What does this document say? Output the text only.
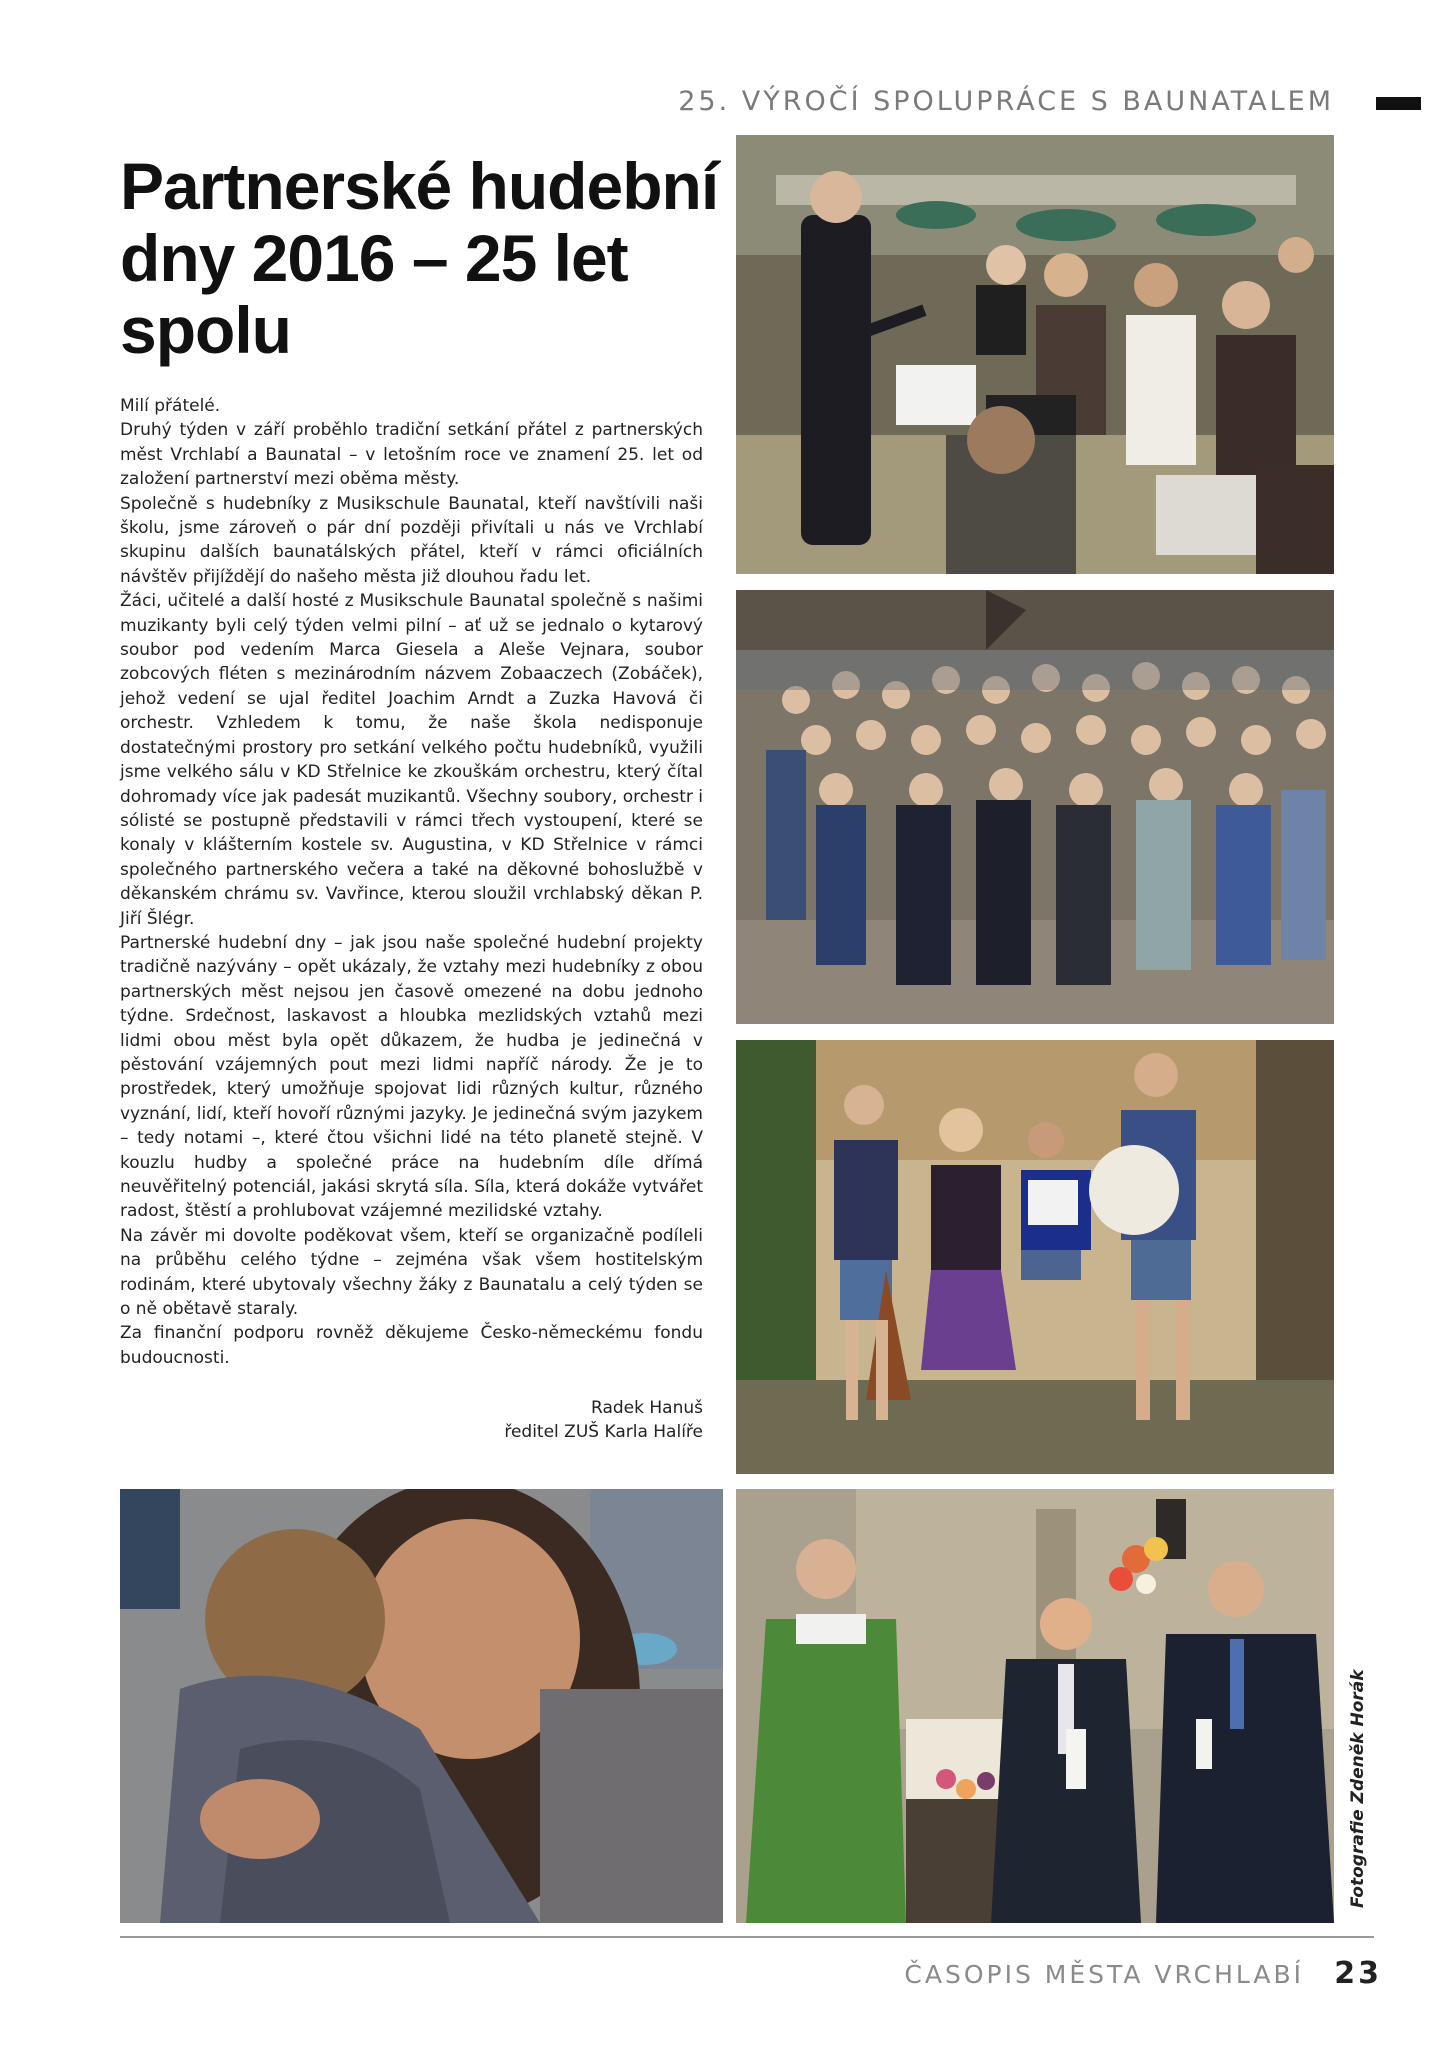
25. VÝROČÍ SPOLUPRÁCE S BAUNATALEM
Partnerské hudební dny 2016 – 25 let spolu

Milí přátelé.

Druhý týden v září proběhlo tradiční setkání přátel z partnerských měst Vrchlabí a Baunatal – v letošním roce ve znamení 25. let od založení partnerství mezi oběma městy.

Společně s hudebníky z Musikschule Baunatal, kteří navštívili naši školu, jsme zároveň o pár dní později přivítali u nás ve Vrchlabí skupinu dalších baunatálských přátel, kteří v rámci oficiálních návštěv přijíždějí do našeho města již dlouhou řadu let.

Žáci, učitelé a další hosté z Musikschule Baunatal společně s našimi muzikanty byli celý týden velmi pilní – ať už se jednalo o kytarový soubor pod vedením Marca Giesela a Aleše Vejnara, soubor zobcových fléten s mezinárodním názvem Zobaaczech (Zobáček), jehož vedení se ujal ředitel Joachim Arndt a Zuzka Havová či orchestr. Vzhledem k tomu, že naše škola nedisponuje dostatečnými prostory pro setkání velkého počtu hudebníků, využili jsme velkého sálu v KD Střelnice ke zkouškám orchestru, který čítal dohromady více jak padesát muzikantů. Všechny soubory, orchestr i sólisté se postupně představili v rámci třech vystoupení, které se konaly v klášterním kostele sv. Augustina, v KD Střelnice v rámci společného partnerského večera a také na děkovné bohoslužbě v děkanském chrámu sv. Vavřince, kterou sloužil vrchlabský děkan P. Jiří Šlégr.

Partnerské hudební dny – jak jsou naše společné hudební projekty tradičně nazývány – opět ukázaly, že vztahy mezi hudebníky z obou partnerských měst nejsou jen časově omezené na dobu jednoho týdne. Srdečnost, laskavost a hloubka mezlidských vztahů mezi lidmi obou měst byla opět důkazem, že hudba je jedinečná v pěstování vzájemných pout mezi lidmi napříč národy. Že je to prostředek, který umožňuje spojovat lidi různých kultur, různého vyznání, lidí, kteří hovoří různými jazyky. Je jedinečná svým jazykem – tedy notami –, které čtou všichni lidé na této planetě stejně. V kouzlu hudby a společné práce na hudebním díle dřímá neuvěřitelný potenciál, jakási skrytá síla. Síla, která dokáže vytvářet radost, štěstí a prohlubovat vzájemné mezilidské vztahy.

Na závěr mi dovolte poděkovat všem, kteří se organizačně podíleli na průběhu celého týdne – zejména však všem hostitelským rodinám, které ubytovaly všechny žáky z Baunatalu a celý týden se o ně obětavě staraly.

Za finanční podporu rovněž děkujeme Česko-německému fondu budoucnosti.

Radek Hanuš
ředitel ZUŠ Karla Halíře
Fotografie Zdeněk Horák
ČASOPIS MĚSTA VRCHLABÍ	23
